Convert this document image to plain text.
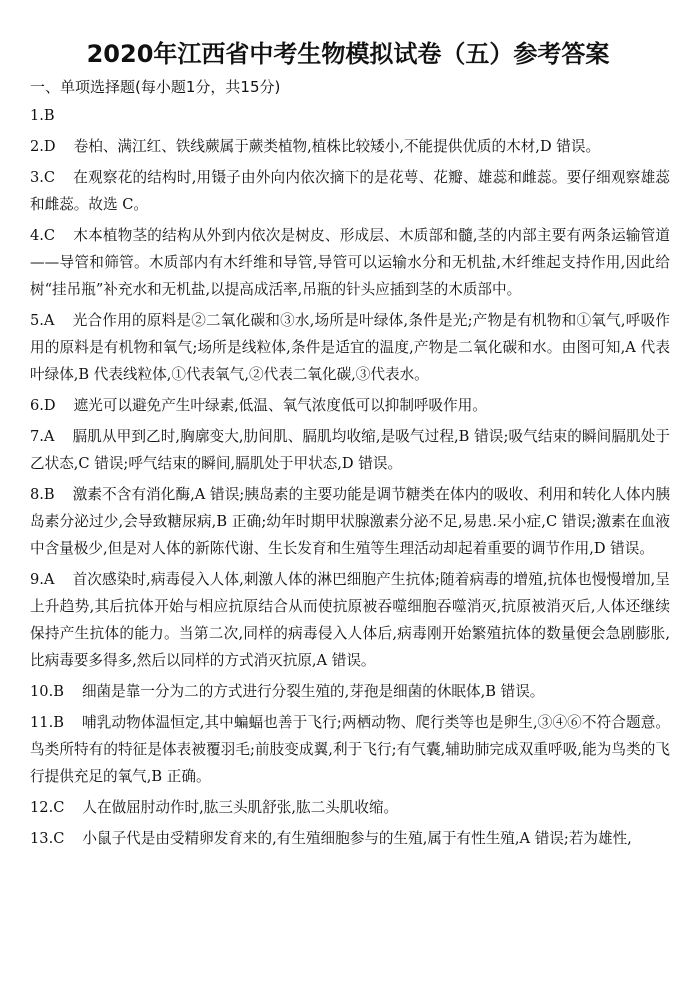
2020年江西省中考生物模拟试卷（五）参考答案
一、单项选择题(每小题1分，共15分)
1.B
2.D 卷柏、满江红、铁线蕨属于蕨类植物,植株比较矮小,不能提供优质的木材,D 错误。
3.C 在观察花的结构时,用镊子由外向内依次摘下的是花萼、花瓣、雄蕊和雌蕊。要仔细观察雄蕊和雌蕊。故选 C。
4.C 木本植物茎的结构从外到内依次是树皮、形成层、木质部和髓,茎的内部主要有两条运输管道——导管和筛管。木质部内有木纤维和导管,导管可以运输水分和无机盐,木纤维起支持作用,因此给树“挂吊瓶”补充水和无机盐,以提高成活率,吊瓶的针头应插到茎的木质部中。
5.A 光合作用的原料是②二氧化碳和③水,场所是叶绿体,条件是光;产物是有机物和①氧气,呼吸作用的原料是有机物和氧气;场所是线粒体,条件是适宜的温度,产物是二氧化碳和水。由图可知,A 代表叶绿体,B 代表线粒体,①代表氧气,②代表二氧化碳,③代表水。
6.D 遮光可以避免产生叶绿素,低温、氧气浓度低可以抑制呼吸作用。
7.A 膈肌从甲到乙时,胸廓变大,肋间肌、膈肌均收缩,是吸气过程,B 错误;吸气结束的瞬间膈肌处于乙状态,C 错误;呼气结束的瞬间,膈肌处于甲状态,D 错误。
8.B 激素不含有消化酶,A 错误;胰岛素的主要功能是调节糖类在体内的吸收、利用和转化人体内胰岛素分泌过少,会导致糖尿病,B 正确;幼年时期甲状腺激素分泌不足,易患.呆小症,C 错误;激素在血液中含量极少,但是对人体的新陈代谢、生长发育和生殖等生理活动却起着重要的调节作用,D 错误。
9.A 首次感染时,病毒侵入人体,刺激人体的淋巴细胞产生抗体;随着病毒的增殖,抗体也慢慢增加,呈上升趋势,其后抗体开始与相应抗原结合从而使抗原被吞噬细胞吞噬消灭,抗原被消灭后,人体还继续保持产生抗体的能力。当第二次,同样的病毒侵入人体后,病毒刚开始繁殖抗体的数量便会急剧膨胀,比病毒要多得多,然后以同样的方式消灭抗原,A 错误。
10.B 细菌是靠一分为二的方式进行分裂生殖的,芽孢是细菌的休眠体,B 错误。
11.B 哺乳动物体温恒定,其中蝙蝠也善于飞行;两栖动物、爬行类等也是卵生,③④⑥不符合题意。鸟类所特有的特征是体表被覆羽毛;前肢变成翼,利于飞行;有气囊,辅助肺完成双重呼吸,能为鸟类的飞行提供充足的氧气,B 正确。
12.C 人在做屈肘动作时,肱三头肌舒张,肱二头肌收缩。
13.C 小鼠子代是由受精卵发育来的,有生殖细胞参与的生殖,属于有性生殖,A 错误;若为雄性,
